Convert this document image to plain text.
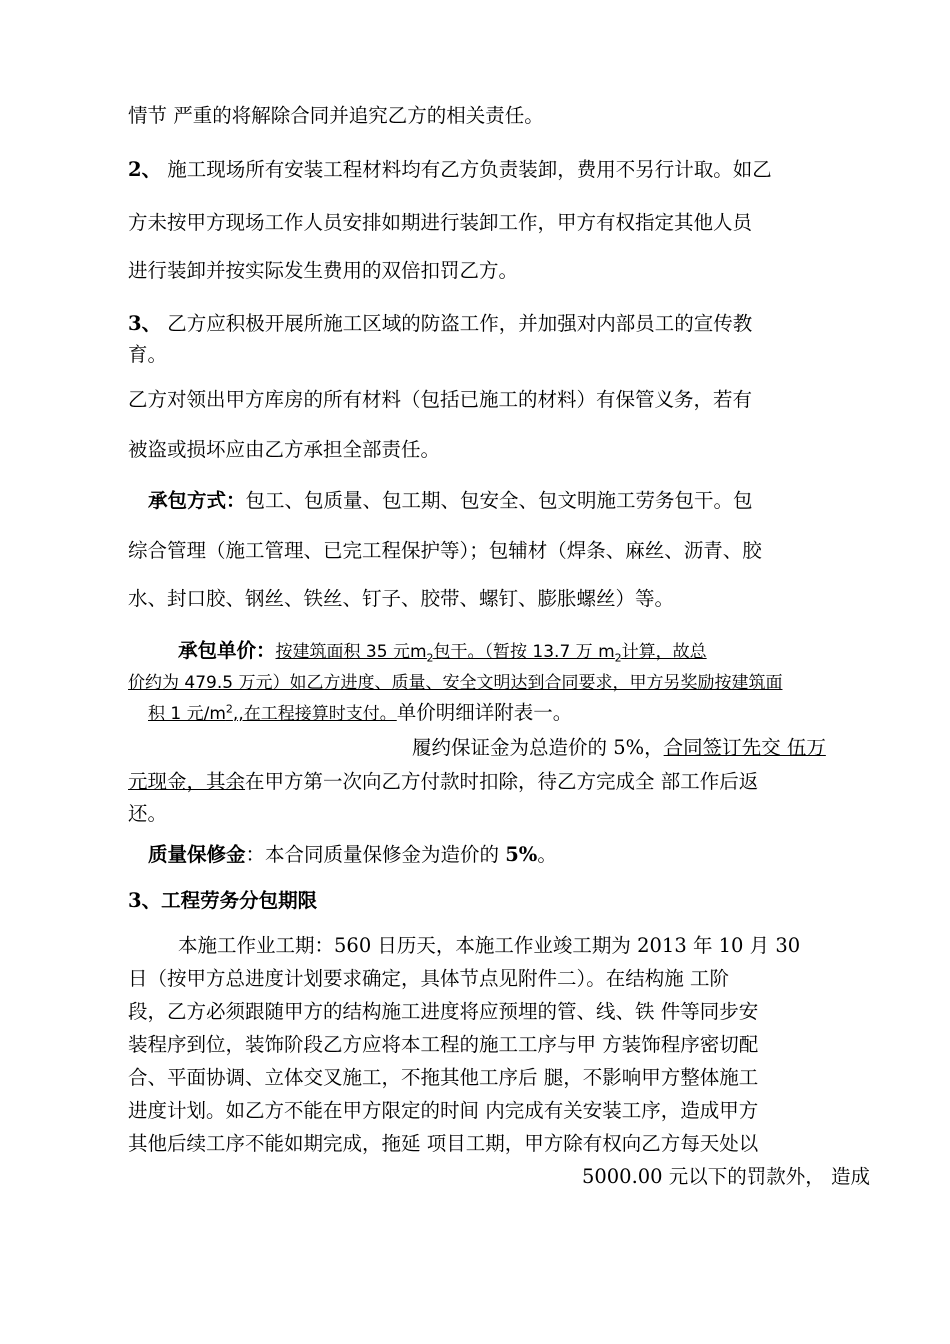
情节 严重的将解除合同并追究乙方的相关责任。
2、 施工现场所有安装工程材料均有乙方负责装卸，费用不另行计取。如乙
方未按甲方现场工作人员安排如期进行装卸工作，甲方有权指定其他人员
进行装卸并按实际发生费用的双倍扣罚乙方。
3、 乙方应积极开展所施工区域的防盗工作，并加强对内部员工的宣传教
育。
乙方对领出甲方库房的所有材料（包括已施工的材料）有保管义务，若有
被盗或损坏应由乙方承担全部责任。
承包方式：包工、包质量、包工期、包安全、包文明施工劳务包干。包
综合管理（施工管理、已完工程保护等）；包辅材（焊条、麻丝、沥青、胶
水、封口胶、钢丝、铁丝、钉子、胶带、螺钉、膨胀螺丝）等。
承包单价：按建筑面积 35 元$m_2$包干。（暂按 13.7 万 $m_2$计算，故总
价约为 479.5 万元）如乙方进度、质量、安全文明达到合同要求，甲方另奖励按建筑面
积 1 元$/m^2$,,在工程接算时支付。单价明细详附表一。
履约保证金为总造价的 5%，合同签订先交 伍万
元现金，其余在甲方第一次向乙方付款时扣除，待乙方完成全 部工作后返
还。
质量保修金：本合同质量保修金为造价的 5%。
3、工程劳务分包期限
本施工作业工期：560 日历天，本施工作业竣工期为 2013 年 10 月 30
日（按甲方总进度计划要求确定，具体节点见附件二）。在结构施 工阶
段，乙方必须跟随甲方的结构施工进度将应预埋的管、线、铁 件等同步安
装程序到位，装饰阶段乙方应将本工程的施工工序与甲 方装饰程序密切配
合、平面协调、立体交叉施工，不拖其他工序后 腿，不影响甲方整体施工
进度计划。如乙方不能在甲方限定的时间 内完成有关安装工序，造成甲方
其他后续工序不能如期完成，拖延 项目工期，甲方除有权向乙方每天处以
5000.00 元以下的罚款外， 造成
